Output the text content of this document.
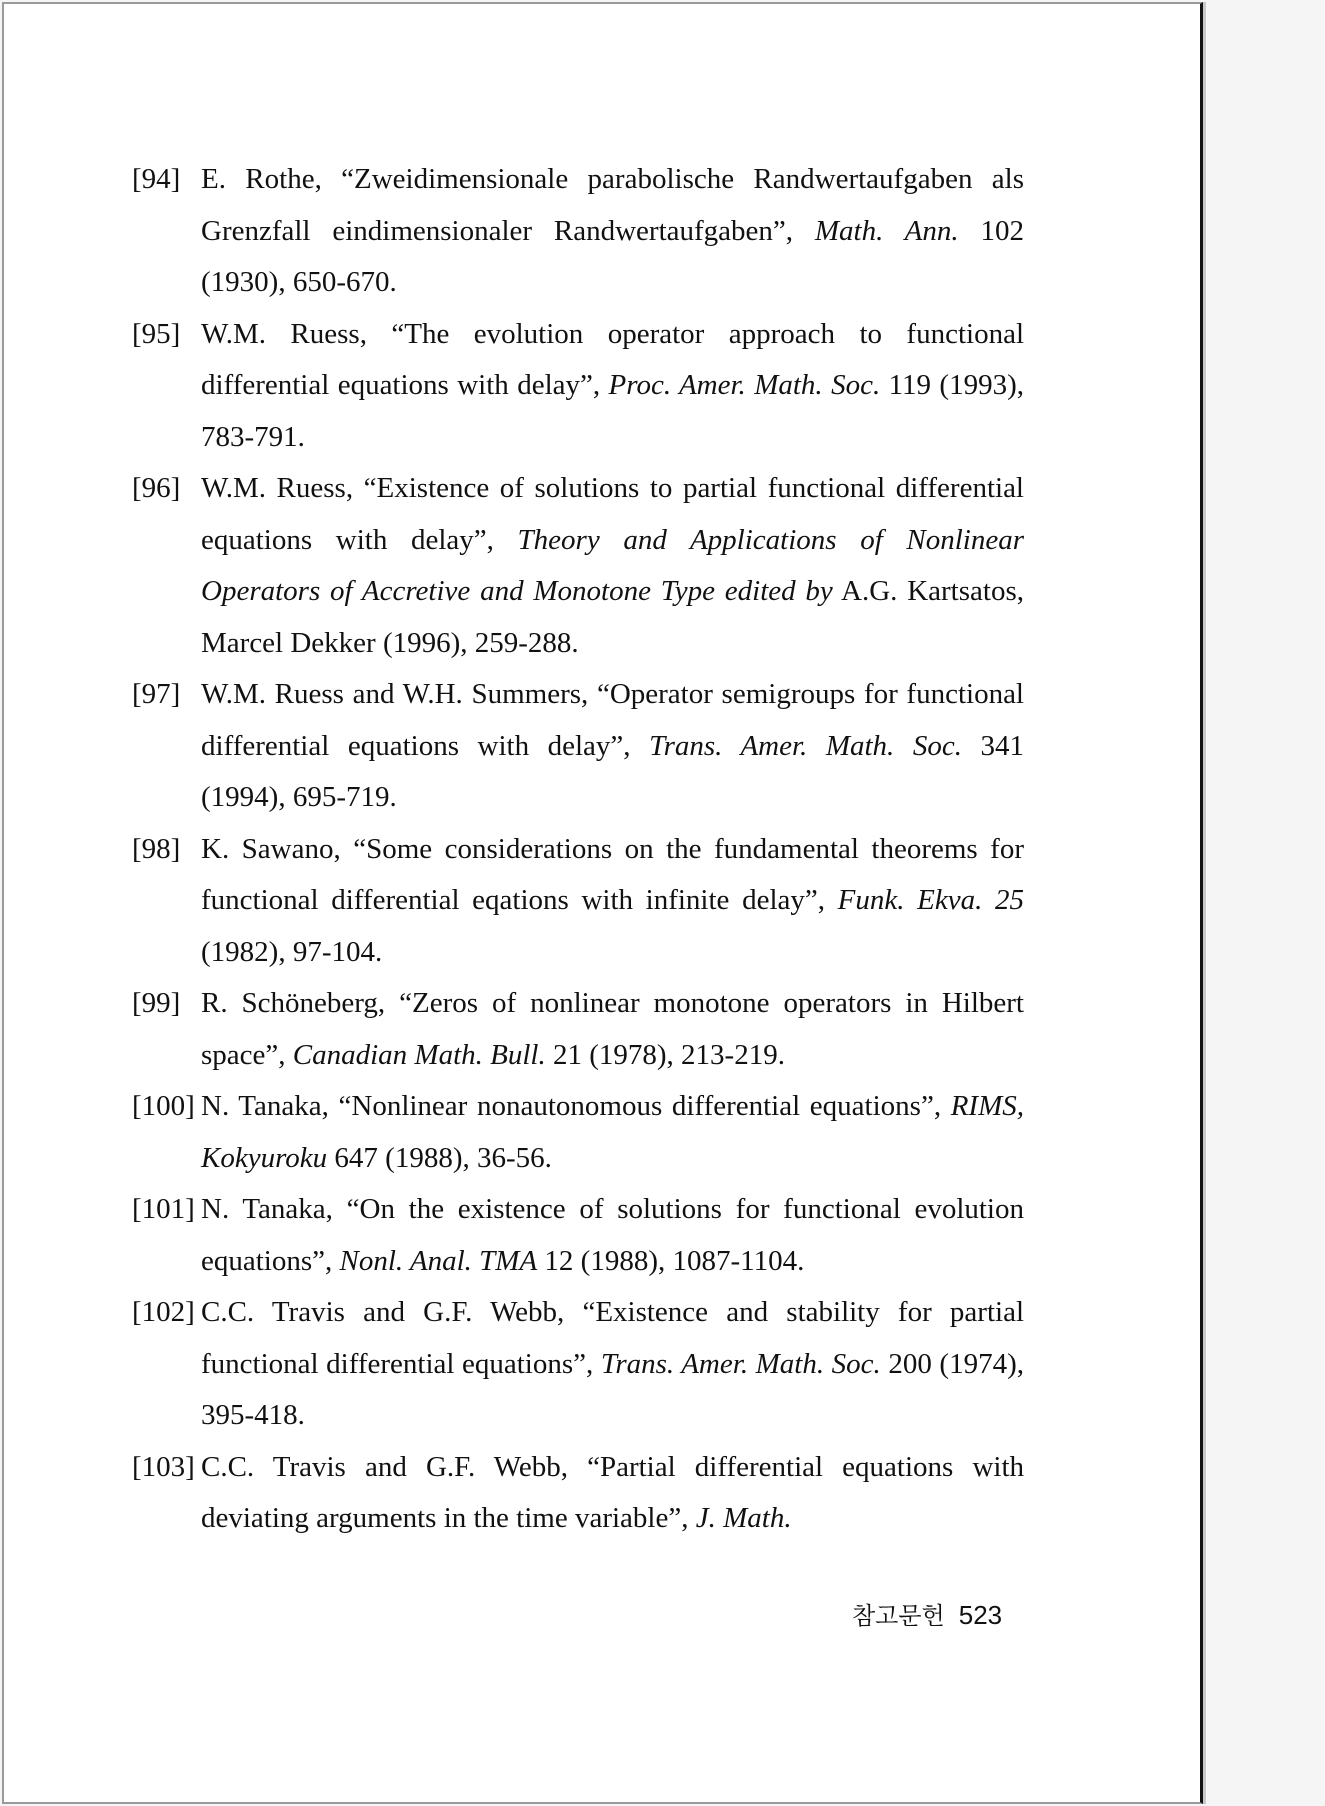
[94] E. Rothe, “Zweidimensionale parabolische Randwertaufgaben als Grenzfall eindimensionaler Randwertaufgaben”, Math. Ann. 102 (1930), 650-670.
[95] W.M. Ruess, “The evolution operator approach to functional differential equations with delay”, Proc. Amer. Math. Soc. 119 (1993), 783-791.
[96] W.M. Ruess, “Existence of solutions to partial functional differential equations with delay”, Theory and Applications of Nonlinear Operators of Accretive and Monotone Type edited by A.G. Kartsatos, Marcel Dekker (1996), 259-288.
[97] W.M. Ruess and W.H. Summers, “Operator semigroups for functional differential equations with delay”, Trans. Amer. Math. Soc. 341 (1994), 695-719.
[98] K. Sawano, “Some considerations on the fundamental theorems for functional differential eqations with infinite delay”, Funk. Ekva. 25 (1982), 97-104.
[99] R. Schöneberg, “Zeros of nonlinear monotone operators in Hilbert space”, Canadian Math. Bull. 21 (1978), 213-219.
[100] N. Tanaka, “Nonlinear nonautonomous differential equations”, RIMS, Kokyuroku 647 (1988), 36-56.
[101] N. Tanaka, “On the existence of solutions for functional evolution equations”, Nonl. Anal. TMA 12 (1988), 1087-1104.
[102] C.C. Travis and G.F. Webb, “Existence and stability for partial functional differential equations”, Trans. Amer. Math. Soc. 200 (1974), 395-418.
[103] C.C. Travis and G.F. Webb, “Partial differential equations with deviating arguments in the time variable”, J. Math.
참고문헌 523
